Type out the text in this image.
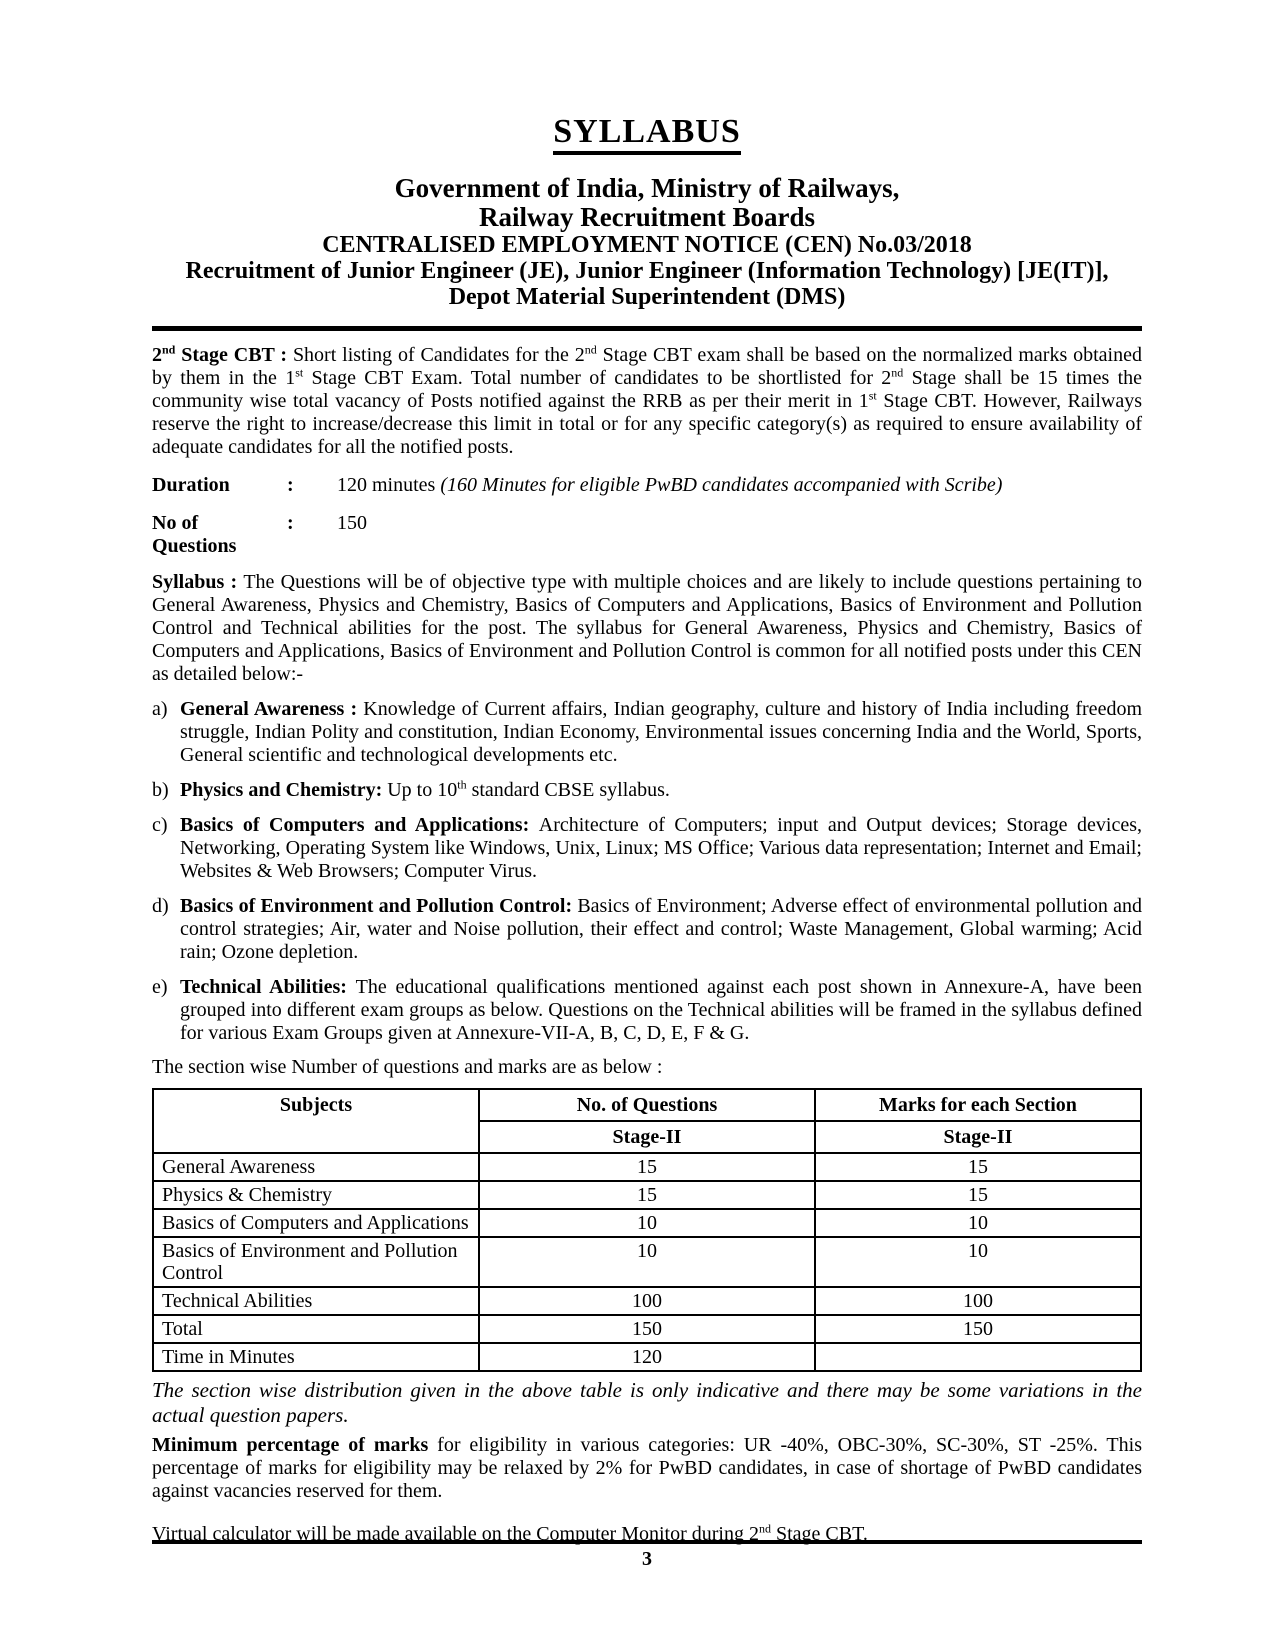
SYLLABUS
Government of India, Ministry of Railways,
Railway Recruitment Boards
CENTRALISED EMPLOYMENT NOTICE (CEN) No.03/2018
Recruitment of Junior Engineer (JE), Junior Engineer (Information Technology) [JE(IT)],
Depot Material Superintendent (DMS)
2nd Stage CBT : Short listing of Candidates for the 2nd Stage CBT exam shall be based on the normalized marks obtained by them in the 1st Stage CBT Exam. Total number of candidates to be shortlisted for 2nd Stage shall be 15 times the community wise total vacancy of Posts notified against the RRB as per their merit in 1st Stage CBT. However, Railways reserve the right to increase/decrease this limit in total or for any specific category(s) as required to ensure availability of adequate candidates for all the notified posts.
Duration	:	120 minutes (160 Minutes for eligible PwBD candidates accompanied with Scribe)
No of Questions
:	150
Syllabus : The Questions will be of objective type with multiple choices and are likely to include questions pertaining to General Awareness, Physics and Chemistry, Basics of Computers and Applications, Basics of Environment and Pollution Control and Technical abilities for the post. The syllabus for General Awareness, Physics and Chemistry, Basics of Computers and Applications, Basics of Environment and Pollution Control is common for all notified posts under this CEN as detailed below:-
a) General Awareness : Knowledge of Current affairs, Indian geography, culture and history of India including freedom struggle, Indian Polity and constitution, Indian Economy, Environmental issues concerning India and the World, Sports, General scientific and technological developments etc.
b) Physics and Chemistry: Up to 10th standard CBSE syllabus.
c) Basics of Computers and Applications: Architecture of Computers; input and Output devices; Storage devices, Networking, Operating System like Windows, Unix, Linux; MS Office; Various data representation; Internet and Email; Websites & Web Browsers; Computer Virus.
d) Basics of Environment and Pollution Control: Basics of Environment; Adverse effect of environmental pollution and control strategies; Air, water and Noise pollution, their effect and control; Waste Management, Global warming; Acid rain; Ozone depletion.
e) Technical Abilities: The educational qualifications mentioned against each post shown in Annexure-A, have been grouped into different exam groups as below. Questions on the Technical abilities will be framed in the syllabus defined for various Exam Groups given at Annexure-VII-A, B, C, D, E, F & G.
The section wise Number of questions and marks are as below :
Subjects	No. of Questions	Marks for each Section
	Stage-II	Stage-II
General Awareness	15	15
Physics & Chemistry	15	15
Basics of Computers and Applications	10	10
Basics of Environment and Pollution Control	10	10
Technical Abilities	100	100
Total	150	150
Time in Minutes	120	
The section wise distribution given in the above table is only indicative and there may be some variations in the actual question papers.
Minimum percentage of marks for eligibility in various categories: UR -40%, OBC-30%, SC-30%, ST -25%. This percentage of marks for eligibility may be relaxed by 2% for PwBD candidates, in case of shortage of PwBD candidates against vacancies reserved for them.
Virtual calculator will be made available on the Computer Monitor during 2nd Stage CBT.
3
